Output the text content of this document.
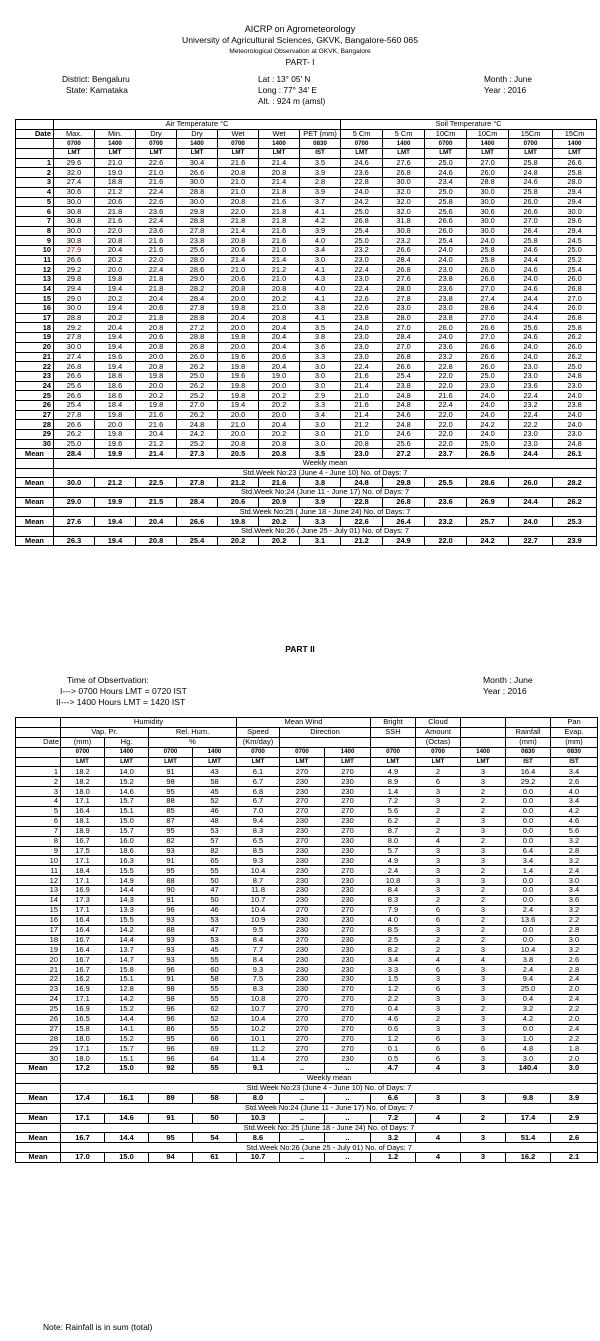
AICRP on Agrometeorology
University of Agricultural Sciences, GKVK, Bangalore-560 065
Meteorological Observation at GKVK, Bangalore
PART- I
District: Bengaluru
State: Karnataka
Lat : 13° 05' N
Long : 77° 34' E
Alt. : 924 m (amsl)
Month : June
Year : 2016
	Air Temperature °C							Soil Temperature °C					
Date	Max.	Min.	Dry	Dry	Wet	Wet	PET (mm)	5 Cm	5 Cm	10Cm	10Cm	15Cm	15Cm
	0700	1400	0700	1400	0700	1400	0830	0700	1400	0700	1400	0700	1400
	LMT	LMT	LMT	LMT	LMT	LMT	IST	LMT	LMT	LMT	LMT	LMT	LMT
1	29.6	21.0	22.6	30.4	21.6	21.4	3.5	24.6	27.6	25.0	27.0	25.8	26.6
2	32.0	19.0	21.0	26.6	20.8	20.8	3.9	23.6	26.8	24.6	26.0	24.8	25.8
3	27.4	18.8	21.6	30.0	21.0	21.4	2.8	22.8	30.0	23.4	28.8	24.6	28.0
4	30.6	21.2	22.4	28.8	21.0	21.8	3.9	24.0	32.0	25.0	30.0	25.8	29.4
5	30.0	20.6	22.6	30.0	20.8	21.6	3.7	24.2	32.0	25.8	30.0	26.0	29.4
6	30.8	21.8	23.6	29.8	22.0	21.8	4.1	25.0	32.0	25.6	30.6	26.6	30.0
7	30.8	21.6	22.4	28.8	21.8	21.8	4.2	26.8	31.8	26.6	30.0	27.0	29.6
8	30.0	22.0	23.6	27.8	21.4	21.6	3.9	25.4	30.8	26.0	30.0	26.4	29.4
9	30.8	20.8	21.6	23.8	20.8	21.6	4.0	25.0	23.2	25.4	24.0	25.8	24.5
10	27.9	20.4	21.6	25.6	20.6	21.0	3.4	23.2	26.6	24.0	25.8	24.6	25.0
11	26.6	20.2	22.0	28.0	21.4	21.4	3.0	23.0	28.4	24.0	25.8	24.4	25.2
12	29.2	20.0	22.4	28.6	21.0	21.2	4.1	22.4	26.8	23.0	26.0	24.6	25.4
13	29.8	19.8	21.8	29.0	20.6	21.0	4.3	23.0	27.6	23.8	26.6	24.0	26.0
14	29.4	19.4	21.8	28.2	20.8	20.8	4.0	22.4	28.0	23.6	27.0	24.6	26.8
15	29.0	20.2	20.4	28.4	20.0	20.2	4.1	22.6	27.8	23.8	27.4	24.4	27.0
16	30.0	19.4	20.6	27.8	19.8	21.0	3.8	22.6	23.0	23.0	28.6	24.4	26.0
17	28.8	20.2	21.8	28.8	20.4	20.8	4.1	23.8	28.0	23.8	27.0	24.4	26.8
18	29.2	20.4	20.8	27.2	20.0	20.4	3.5	24.0	27.0	26.0	26.6	25.6	25.8
19	27.8	19.4	20.6	28.8	19.8	20.4	3.8	23.0	28.4	24.0	27.0	24.6	26.2
20	30.0	19.4	20.8	26.8	20.0	20.4	3.6	23.0	27.0	23.6	26.6	24.0	26.0
21	27.4	19.6	20.0	26.0	19.6	20.6	3.3	23.0	26.8	23.2	26.6	24.0	26.2
22	26.8	19.4	20.8	26.2	19.8	20.4	3.0	22.4	26.6	22.8	26.0	23.0	25.0
23	26.6	18.8	19.8	25.0	19.6	19.0	3.0	21.6	25.4	22.0	25.0	23.0	24.8
24	25.6	18.6	20.0	26.2	19.8	20.0	3.0	21.4	23.8	22.0	23.0	23.6	23.0
25	26.6	18.6	20.2	25.2	19.8	20.2	2.9	21.0	24.8	21.6	24.0	22.4	24.0
26	25.4	18.4	19.8	27.0	19.4	20.2	3.3	21.6	24.8	22.4	24.0	23.2	23.8
27	27.8	19.8	21.6	26.2	20.0	20.0	3.4	21.4	24.6	22.0	24.0	22.4	24.0
28	26.6	20.0	21.6	24.8	21.0	20.4	3.0	21.2	24.8	22.0	24.2	22.2	24.0
29	26.2	19.8	20.4	24.2	20.0	20.2	3.0	21.0	24.6	22.0	24.0	23.0	23.0
30	25.0	19.6	21.2	25.2	20.8	20.8	3.0	20.8	25.6	22.0	25.0	23.0	24.8
Mean	28.4	19.9	21.4	27.3	20.5	20.8	3.5	23.0	27.2	23.7	26.5	24.4	26.1
	Weekly mean												
	Std.Week No:23 (June 4 - June 10) No. of Days: 7												
Mean	30.0	21.2	22.5	27.8	21.2	21.6	3.8	24.8	29.8	25.5	28.6	26.0	28.2
	Std.Week No:24 (June 11 - June 17) No. of Days: 7												
Mean	29.0	19.9	21.5	28.4	20.6	20.9	3.9	22.8	26.8	23.6	26.9	24.4	26.2
	Std.Week No:25 ( June 18 - June 24) No. of Days: 7												
Mean	27.6	19.4	20.4	26.6	19.8	20.2	3.3	22.6	26.4	23.2	25.7	24.0	25.3
	Std.Week No:26 ( June 25 - July 01) No. of Days: 7												
Mean	26.3	19.4	20.8	25.4	20.2	20.2	3.1	21.2	24.9	22.0	24.2	22.7	23.9
PART II
Time of Obsertvation:
I---> 0700 Hours LMT = 0720 IST
II---> 1400 Hours LMT = 1420 IST
Month : June
Year : 2016
	Humidity				Mean Wind			Bright	Cloud			Pan
	Vap. Pr.		Rel. Hum.		Speed	Direction		SSH	Amount		Rainfall	Evap.
Date	(mm)	Hg.	%		(Km/day)				(Octas)		(mm)	(mm)
	0700	1400	0700	1400	0700	0700	1400	0700	0700	1400	0830	0830
	LMT	LMT	LMT	LMT	LMT	LMT	LMT	LMT	LMT	LMT	IST	IST
1	18.2	14.0	91	43	6.1	270	270	4.9	2	3	16.4	3.4
2	18.2	15.2	98	58	6.7	230	230	8.9	6	3	29.2	2.6
3	18.0	14.6	95	45	6.8	230	230	1.4	3	2	0.0	4.0
4	17.1	15.7	88	52	6.7	270	270	7.2	3	2	0.0	3.4
5	16.4	15.1	85	46	7.0	270	270	5.6	2	2	0.0	4.2
6	18.1	15.0	87	48	9.4	230	230	6.2	2	3	0.0	4.6
7	18.9	15.7	95	53	8.3	230	270	8.7	2	3	0.0	5.6
8	16.7	16.0	82	57	6.5	270	230	8.0	4	2	0.0	3.2
9	17.5	18.6	93	82	8.5	230	230	5.7	3	3	6.4	2.8
10	17.1	16.3	91	65	9.3	230	230	4.9	3	3	3.4	3.2
11	18.4	15.5	95	55	10.4	230	270	2.4	3	2	1.4	2.4
12	17.1	14.9	88	50	8.7	230	230	10.8	3	3	0.0	3.0
13	16.9	14.4	90	47	11.8	230	230	8.4	3	2	0.0	3.4
14	17.3	14.3	91	50	10.7	230	230	8.3	2	2	0.0	3.6
15	17.1	13.3	96	46	10.4	270	270	7.9	6	3	2.4	3.2
16	16.4	15.5	93	53	10.9	230	230	4.0	6	2	13.6	2.2
17	16.4	14.2	88	47	9.5	230	270	8.5	3	2	0.0	2.8
18	16.7	14.4	93	53	8.4	270	230	2.5	2	2	0.0	3.0
19	16.4	13.7	93	45	7.7	230	230	8.2	2	3	10.4	3.2
20	16.7	14.7	93	55	8.4	230	230	3.4	4	4	3.8	2.6
21	16.7	15.8	96	60	9.3	230	230	3.3	6	3	2.4	2.8
22	16.2	15.1	91	58	7.5	230	230	1.5	3	3	9.4	2.4
23	16.9	12.8	98	55	8.3	230	270	1.2	6	3	25.0	2.0
24	17.1	14.2	98	55	10.8	270	270	2.2	3	3	0.4	2.4
25	16.9	15.2	96	62	10.7	270	270	0.4	3	2	3.2	2.2
26	16.5	14.4	96	52	10.4	270	270	4.6	2	3	4.2	2.0
27	15.8	14.1	86	55	10.2	270	270	0.6	3	3	0.0	2.4
28	18.0	15.2	95	66	10.1	270	270	1.2	6	3	1.0	2.2
29	17.1	15.7	96	69	11.2	270	270	0.1	6	6	4.8	1.8
30	18.0	15.1	96	64	11.4	270	230	0.5	6	3	3.0	2.0
Mean	17.2	15.0	92	55	9.1	..	..	4.7	4	3	140.4	3.0
	Weekly mean											
	Std.Week No:23 (June 4 - June 10) No. of Days: 7											
Mean	17.4	16.1	89	58	8.0	..	..	6.6	3	3	9.8	3.9
	Std.Week No:24 (June 11 - June 17) No. of Days: 7											
Mean	17.1	14.6	91	50	10.3	..	..	7.2	4	2	17.4	2.9
	Std.Week No: 25 (June 18 - June 24) No. of Days: 7											
Mean	16.7	14.4	95	54	8.6	..	..	3.2	4	3	51.4	2.6
	Std.Week No:26 (June 25 - July 01) No. of Days: 7											
Mean	17.0	15.0	94	61	10.7	..	..	1.2	4	3	16.2	2.1
Note: Rainfall is in sum (total)
